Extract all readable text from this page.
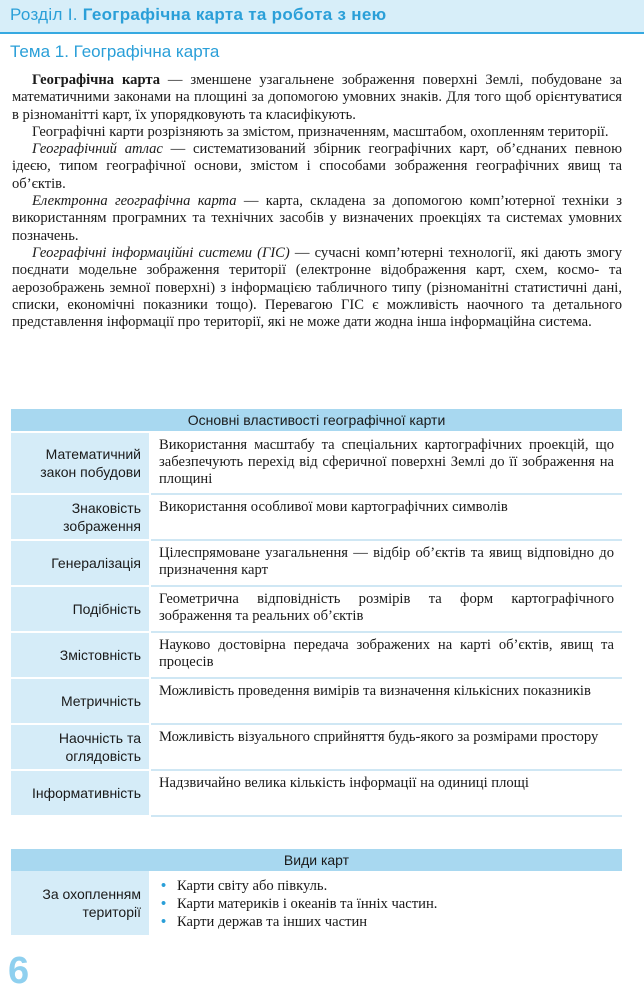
Розділ І. Географічна карта та робота з нею
Тема 1. Географічна карта

Географічна карта — зменшене узагальнене зображення поверхні Землі, побудоване за математичними законами на площині за допомогою умовних знаків. Для того щоб орієнтуватися в різноманітті карт, їх упорядковують та класифікують.

Географічні карти розрізняють за змістом, призначенням, масштабом, охопленням території.

Географічний атлас — систематизований збірник географічних карт, об’єднаних певною ідеєю, типом географічної основи, змістом і способами зображення географічних явищ та об’єктів.

Електронна географічна карта — карта, складена за допомогою комп’ютерної техніки з використанням програмних та технічних засобів у визначених проекціях та системах умовних позначень.

Географічні інформаційні системи (ГІС) — сучасні комп’ютерні технології, які дають змогу поєднати модельне зображення території (електронне відображення карт, схем, космо- та аерозображень земної поверхні) з інформацією табличного типу (різноманітні статистичні дані, списки, економічні показники тощо). Перевагою ГІС є можливість наочного та детального представлення інформації про території, які не може дати жодна інша інформаційна система.

Основні властивості географічної карти	
Математичний закон побудови	Використання масштабу та спеціальних картографічних проекцій, що забезпечують перехід від сферичної поверхні Землі до її зображення на площині
Знаковість зображення	Використання особливої мови картографічних символів
Генералізація	Цілеспрямоване узагальнення — відбір об’єктів та явищ відповідно до призначення карт
Подібність	Геометрична відповідність розмірів та форм картографічного зображення та реальних об’єктів
Змістовність	Науково достовірна передача зображених на карті об’єктів, явищ та процесів
Метричність	Можливість проведення вимірів та визначення кількісних показників
Наочність та оглядовість	Можливість візуального сприйняття будь-якого за розмірами простору
Інформативність	Надзвичайно велика кількість інформації на одиниці площі
Види карт
За охопленням території	
• Карти світу або півкуль.
• Карти материків і океанів та їнніх частин.
• Карти держав та інших частин
6
